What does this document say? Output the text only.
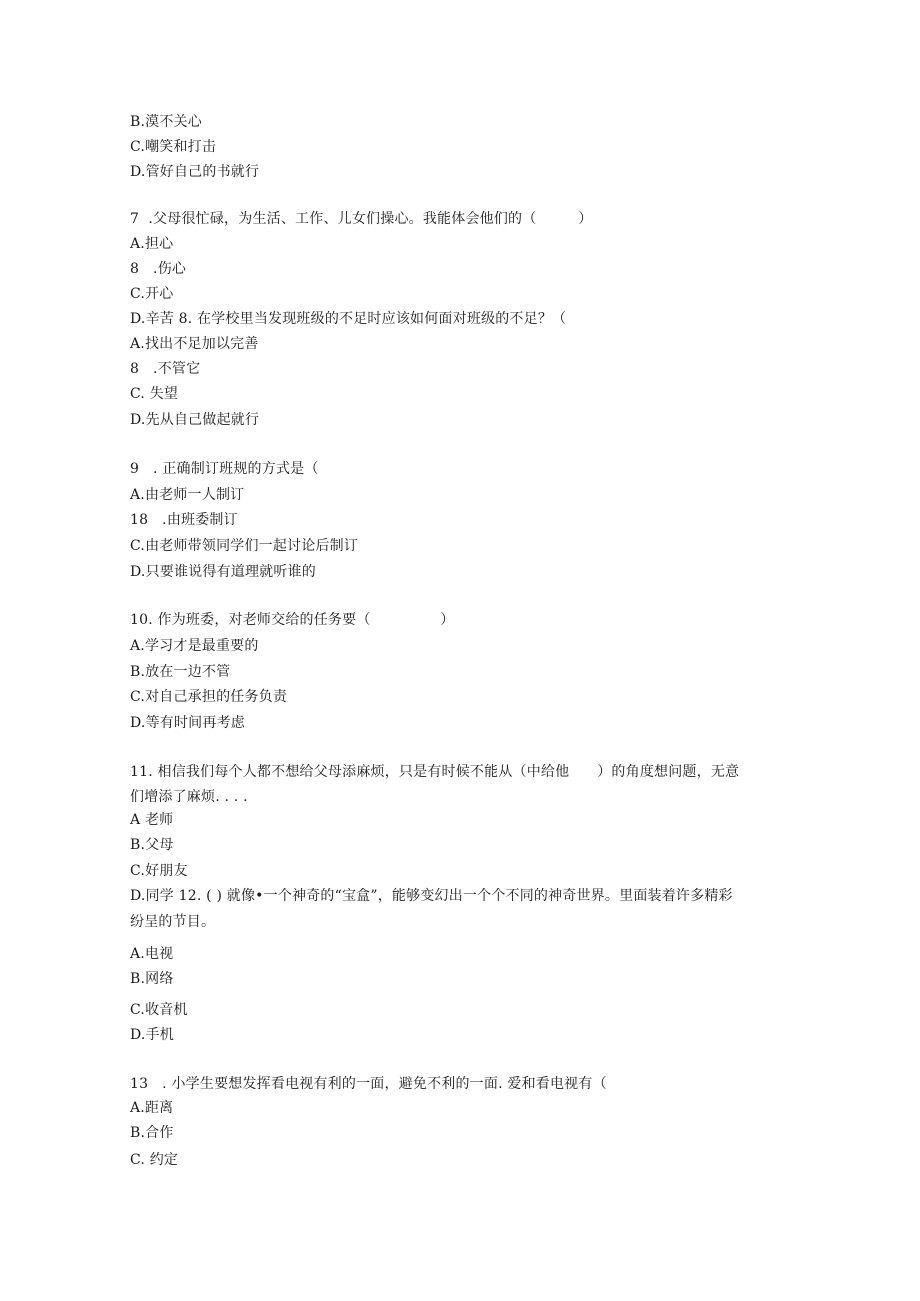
B.漠不关心
C.嘲笑和打击
D.管好自己的书就行
7  .父母很忙碌，为生活、工作、儿女们操心。我能体会他们的（         ）
A.担心
8   .伤心
C.开心
D.辛苦 8. 在学校里当发现班级的不足时应该如何面对班级的不足？（
A.找出不足加以完善
8   .不管它
C. 失望
D.先从自己做起就行
9   . 正确制订班规的方式是（
A.由老师一人制订
18   .由班委制订
C.由老师带领同学们一起讨论后制订
D.只要谁说得有道理就听谁的
10. 作为班委，对老师交给的任务要（               ）
A.学习才是最重要的
B.放在一边不管
C.对自己承担的任务负责
D.等有时间再考虑
11. 相信我们每个人都不想给父母添麻烦，只是有时候不能从（中给他      ）的角度想问题，无意
们增添了麻烦. . . .
A 老师
B.父母
C.好朋友
D.同学 12. ( ) 就像•一个神奇的“宝盒”，能够变幻出一个个不同的神奇世界。里面装着许多精彩
纷呈的节目。
A.电视
B.网络
C.收音机
D.手机
13   . 小学生要想发挥看电视有利的一面，避免不利的一面. 爱和看电视有（
A.距离
B.合作
C. 约定
